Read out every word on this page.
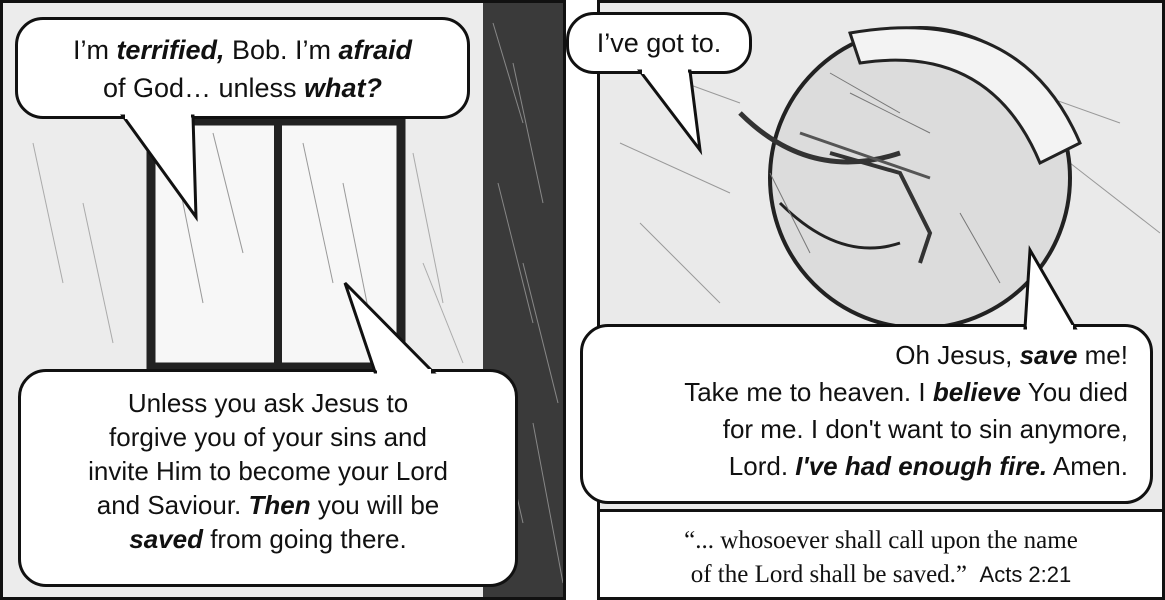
I’m terrified, Bob. I’m afraid
of God… unless what?
Unless you ask Jesus to
forgive you of your sins and
invite Him to become your Lord
and Saviour. Then you will be
saved from going there.
I’ve got to.
Oh Jesus, save me!
Take me to heaven. I believe You died
for me. I don't want to sin anymore,
Lord. I've had enough fire. Amen.
“... whosoever shall call upon the name
of the Lord shall be saved.” Acts 2:21
